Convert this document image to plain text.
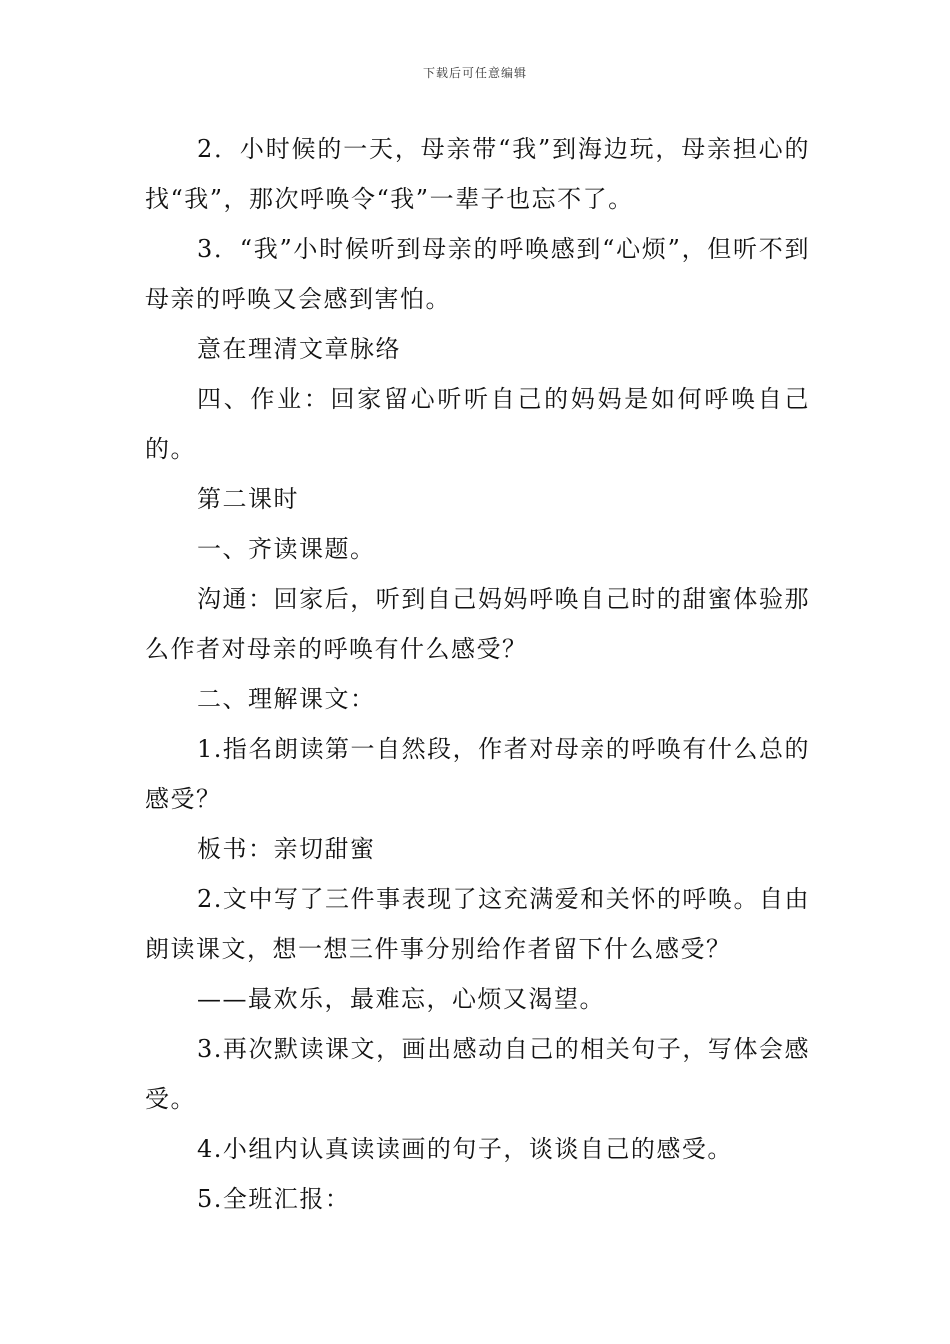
下载后可任意编辑

2．小时候的一天，母亲带“我”到海边玩，母亲担心的找“我”，那次呼唤令“我”一辈子也忘不了。

3．“我”小时候听到母亲的呼唤感到“心烦”，但听不到母亲的呼唤又会感到害怕。

意在理清文章脉络

四、作业：回家留心听听自己的妈妈是如何呼唤自己的。

第二课时

一、齐读课题。

沟通：回家后，听到自己妈妈呼唤自己时的甜蜜体验那么作者对母亲的呼唤有什么感受？

二、理解课文：

1.指名朗读第一自然段，作者对母亲的呼唤有什么总的感受？

板书：亲切甜蜜

2.文中写了三件事表现了这充满爱和关怀的呼唤。自由朗读课文，想一想三件事分别给作者留下什么感受？

——最欢乐，最难忘，心烦又渴望。

3.再次默读课文，画出感动自己的相关句子，写体会感受。

4.小组内认真读读画的句子，谈谈自己的感受。

5.全班汇报：
